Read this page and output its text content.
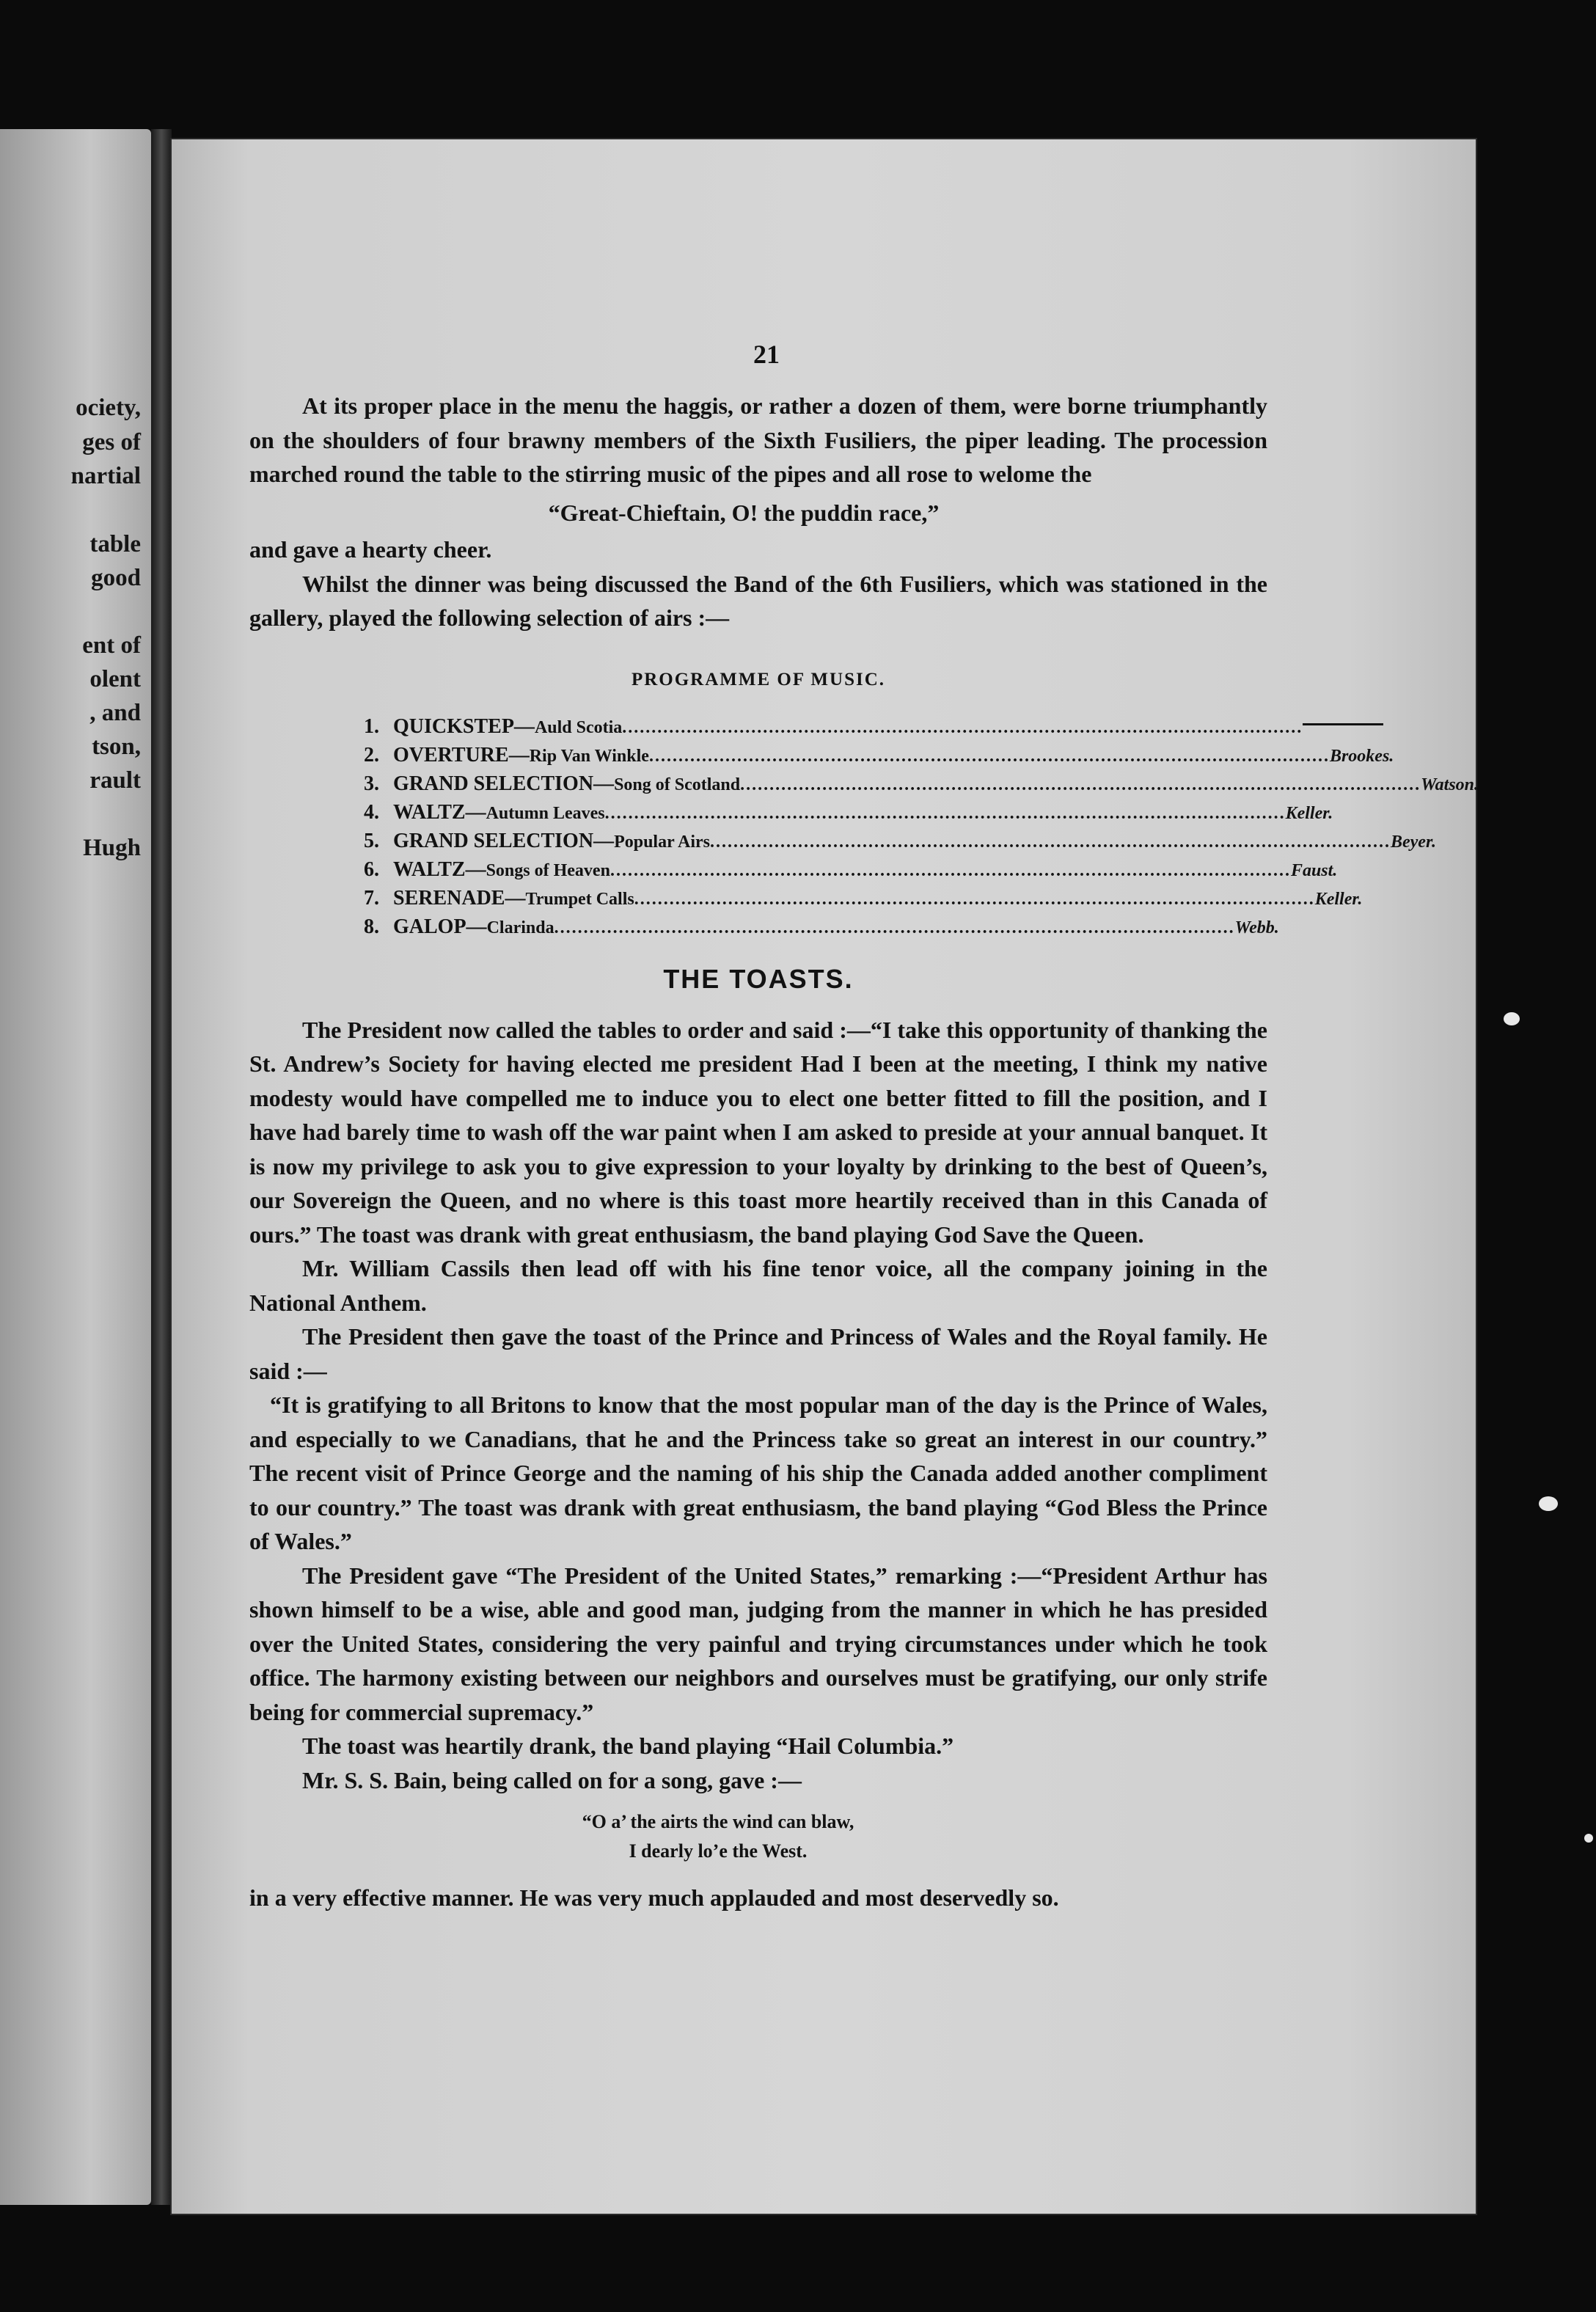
ociety,
ges of
nartial
table
good
ent of
olent
, and
tson,
rault
Hugh
21

At its proper place in the menu the haggis, or rather a dozen of them, were borne triumphantly on the shoulders of four brawny members of the Sixth Fusiliers, the piper leading. The procession marched round the table to the stirring music of the pipes and all rose to welome the

“Great-Chieftain, O! the puddin race,”

and gave a hearty cheer.

Whilst the dinner was being discussed the Band of the 6th Fusiliers, which was stationed in the gallery, played the following selection of airs :—

PROGRAMME OF MUSIC.
1. QUICKSTEP— Auld Scotia ....................................................................................................................
2. OVERTURE— Rip Van Winkle .................................................................................................................... Brookes.
3. GRAND SELECTION— Song of Scotland .................................................................................................................... Watson.
4. WALTZ— Autumn Leaves .................................................................................................................... Keller.
5. GRAND SELECTION— Popular Airs .................................................................................................................... Beyer.
6. WALTZ— Songs of Heaven .................................................................................................................... Faust.
7. SERENADE— Trumpet Calls .................................................................................................................... Keller.
8. GALOP— Clarinda .................................................................................................................... Webb.
THE TOASTS.

The President now called the tables to order and said :—“I take this opportunity of thanking the St. Andrew’s Society for having elected me president Had I been at the meeting, I think my native modesty would have compelled me to induce you to elect one better fitted to fill the position, and I have had barely time to wash off the war paint when I am asked to preside at your annual banquet. It is now my privilege to ask you to give expression to your loyalty by drinking to the best of Queen’s, our Sovereign the Queen, and no where is this toast more heartily received than in this Canada of ours.” The toast was drank with great enthusiasm, the band playing God Save the Queen.

Mr. William Cassils then lead off with his fine tenor voice, all the company joining in the National Anthem.

The President then gave the toast of the Prince and Princess of Wales and the Royal family. He said :—

“It is gratifying to all Britons to know that the most popular man of the day is the Prince of Wales, and especially to we Canadians, that he and the Princess take so great an interest in our country.” The recent visit of Prince George and the naming of his ship the Canada added another compliment to our country.” The toast was drank with great enthusiasm, the band playing “God Bless the Prince of Wales.”

The President gave “The President of the United States,” remarking :—“President Arthur has shown himself to be a wise, able and good man, judging from the manner in which he has presided over the United States, considering the very painful and trying circumstances under which he took office. The harmony existing between our neighbors and ourselves must be gratifying, our only strife being for commercial supremacy.”

The toast was heartily drank, the band playing “Hail Columbia.”

Mr. S. S. Bain, being called on for a song, gave :—

“O a’ the airts the wind can blaw,
I dearly lo’e the West.

in a very effective manner. He was very much applauded and most deservedly so.
